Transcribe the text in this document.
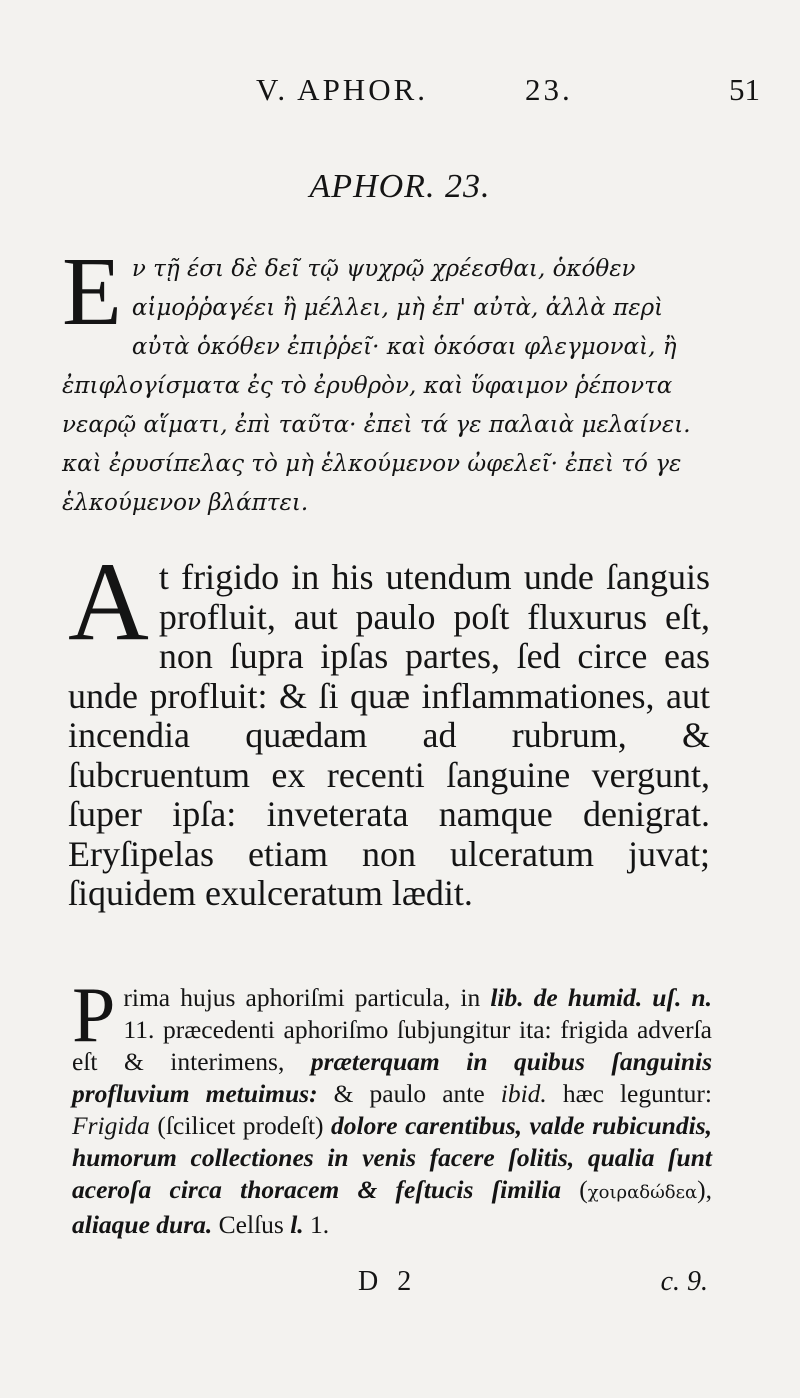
V. APHOR.	23.	51
APHOR. 23.
Eν τῇ έσι δὲ δεῖ τῷ ψυχρῷ χρέεσθαι, ὁκόθεν αἱμοῤῥαγέει ἢ μέλλει, μὴ ἐπ' αὐτὰ, ἀλλὰ περὶ αὐτὰ ὁκόθεν ἐπιῤῥεῖ· καὶ ὁκόσαι φλεγμοναὶ, ἢ ἐπιφλογίσματα ἐς τὸ ἐρυθρὸν, καὶ ὕφαιμον ῥέποντα νεαρῷ αἵματι, ἐπὶ ταῦτα· ἐπεὶ τά γε παλαιὰ μελαίνει. καὶ ἐρυσίπελας τὸ μὴ ἑλκούμενον ὠφελεῖ· ἐπεὶ τό γε ἑλκούμενον βλάπτει.
At frigido in his utendum unde ſanguis profluit, aut paulo poſt fluxurus eſt, non ſupra ipſas partes, ſed circe eas unde profluit: & ſi quæ inflammationes, aut incendia quædam ad rubrum, & ſubcruentum ex recenti ſanguine vergunt, ſuper ipſa: inveterata namque denigrat. Eryſipelas etiam non ulceratum juvat; ſiquidem exulceratum lædit.
Prima hujus aphoriſmi particula, in lib. de humid. uſ. n. 11. præcedenti aphoriſmo ſubjungitur ita: frigida adverſa eſt & interimens, præterquam in quibus ſanguinis profluvium metuimus: & paulo ante ibid. hæc leguntur: Frigida (ſcilicet prodeſt) dolore carentibus, valde rubicundis, humorum collectiones in venis facere ſolitis, qualia ſunt aceroſa circa thoracem & feſtucis ſimilia (χοιραδώδεα), aliaque dura. Celſus l. 1.
D 2	c. 9.
